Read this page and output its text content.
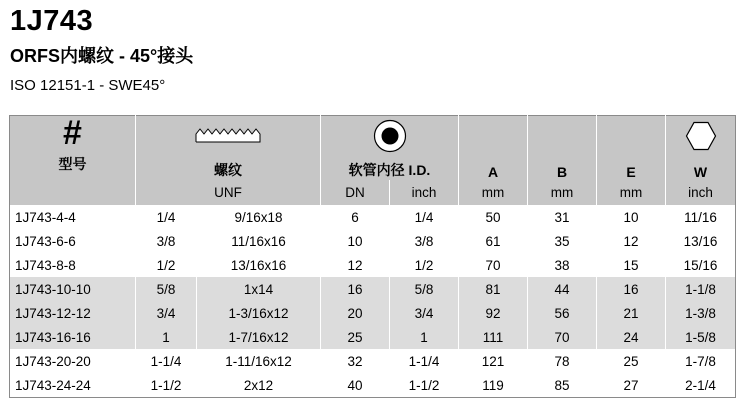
1J743
ORFS内螺纹 - 45°接头
ISO 12151-1 - SWE45°
#
型号

	螺纹		软管内径 I.D.		A	B	E	W
	UNF		DN	inch	mm	mm	mm	inch
1J743-4-4	1/4	9/16x18	6	1/4	50	31	10	11/16
1J743-6-6	3/8	11/16x16	10	3/8	61	35	12	13/16
1J743-8-8	1/2	13/16x16	12	1/2	70	38	15	15/16
1J743-10-10	5/8	1x14	16	5/8	81	44	16	1-1/8
1J743-12-12	3/4	1-3/16x12	20	3/4	92	56	21	1-3/8
1J743-16-16	1	1-7/16x12	25	1	111	70	24	1-5/8
1J743-20-20	1-1/4	1-11/16x12	32	1-1/4	121	78	25	1-7/8
1J743-24-24	1-1/2	2x12	40	1-1/2	119	85	27	2-1/4
